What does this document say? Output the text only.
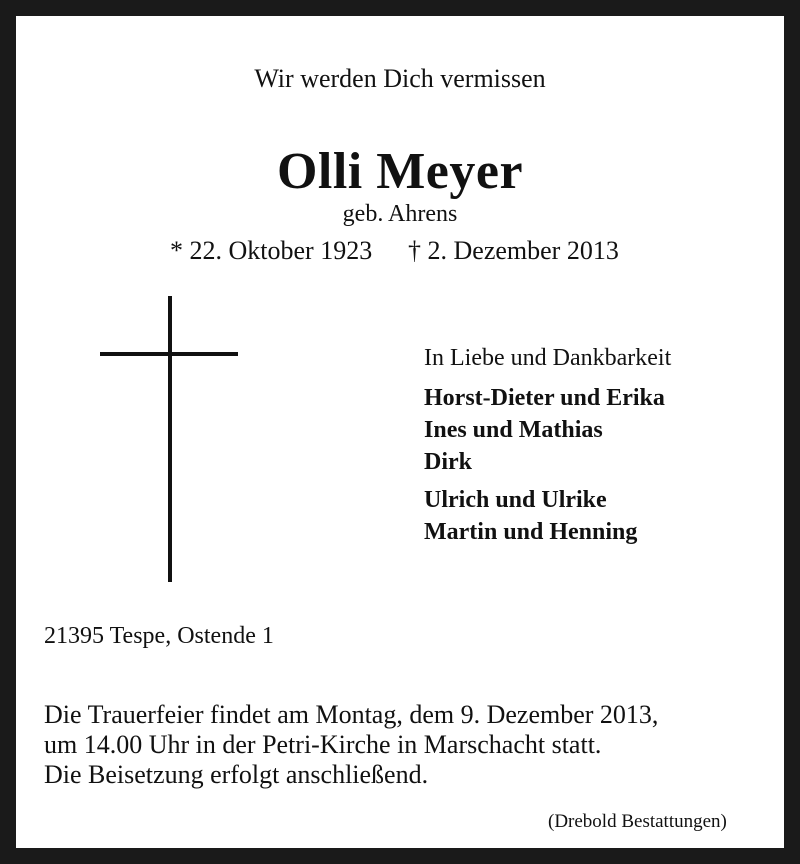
Wir werden Dich vermissen
Olli Meyer
geb. Ahrens
* 22. Oktober 1923 † 2. Dezember 2013
In Liebe und Dankbarkeit
Horst-Dieter und Erika
Ines und Mathias
Dirk
Ulrich und Ulrike
Martin und Henning
21395 Tespe, Ostende 1
Die Trauerfeier findet am Montag, dem 9. Dezember 2013,
um 14.00 Uhr in der Petri-Kirche in Marschacht statt.
Die Beisetzung erfolgt anschließend.
(Drebold Bestattungen)
